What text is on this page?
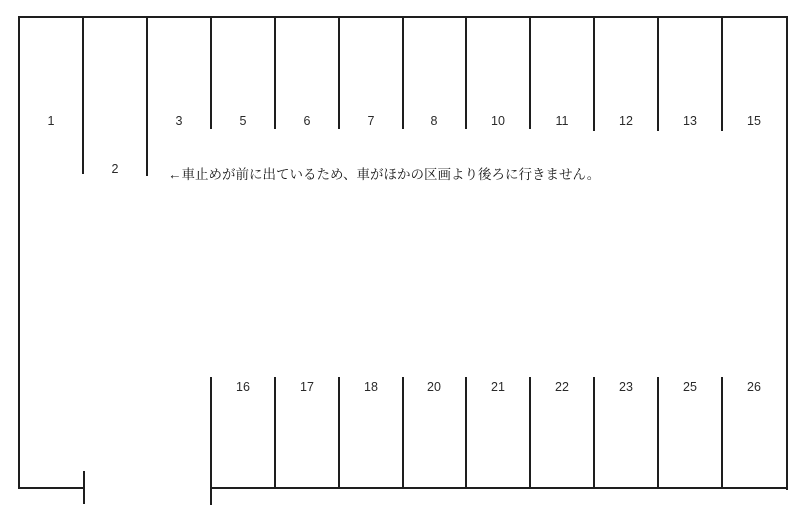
1
2
3	5	6	7	8	10	11	12	13	15
←車止めが前に出ているため、車がほかの区画より後ろに行きません。
16	17	18	20	21	22	23	25	26
